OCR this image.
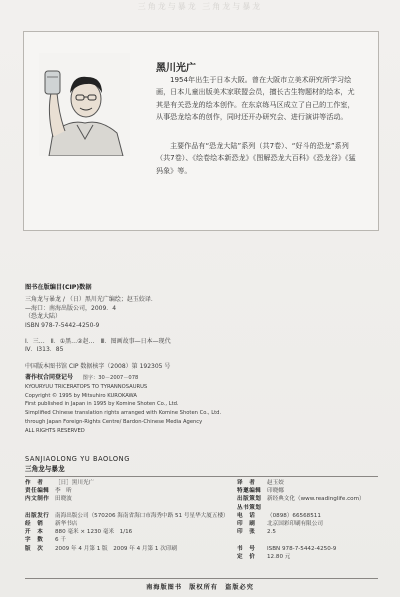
三角龙与暴龙 三角龙与暴龙
黑川光广
1954年出生于日本大阪。曾在大阪市立美术研究所学习绘画，日本儿童出版美术家联盟会员，擅长古生物题材的绘本，尤其是有关恐龙的绘本创作。在东京练马区成立了自己的工作室，从事恐龙绘本的创作，同时还开办研究会、进行演讲等活动。
主要作品有“恐龙大陆”系列（共7卷）、“好斗的恐龙”系列（共7卷）、《绘卷绘本新恐龙》《图解恐龙大百科》《恐龙谷》《猛犸象》等。
图书在版编目(CIP)数据
三角龙与暴龙 / （日）黑川光广编绘；赵玉姣译．
—海口：南海出版公司，2009．4
（恐龙大陆）
ISBN 978-7-5442-4250-9
Ⅰ．三…　Ⅱ．①黑…②赵…　Ⅲ．图画故事—日本—现代
Ⅳ．I313．85
中国版本图书馆 CIP 数据核字（2008）第 192305 号
著作权合同登记号 图字：30－2007－078
KYOURYUU TRICERATOPS TO TYRANNOSAURUS
Copyright © 1995 by Mitsuhiro KUROKAWA
First published in Japan in 1995 by Komine Shoten Co., Ltd.
Simplified Chinese translation rights arranged with Komine Shoten Co., Ltd.
through Japan Foreign-Rights Centre/ Bardon-Chinese Media Agency
ALL RIGHTS RESERVED
SANJIAOLONG YU BAOLONG
三角龙与暴龙
作　者	［日］黑川光广	译　者	赵玉姣
责任编辑	李　昕	特邀编辑	印晓娜
内文制作	田晓波	出版策划	新经典文化（www.readinglife.com）
丛书策划
出版发行	南海出版公司（570206 海南省海口市海秀中路 51 号星华大厦五楼） 电　话	（0898）66568511
经　销	新华书店	印　刷	北京国彩印刷有限公司
开　本	880 毫米 × 1230 毫米　1/16	印　张	2.5
字　数	6 千
版　次	2009 年 4 月第 1 版　2009 年 4 月第 1 次印刷	书　号	ISBN 978-7-5442-4250-9
定　价	12.80 元
南海版图书　版权所有　盗版必究
